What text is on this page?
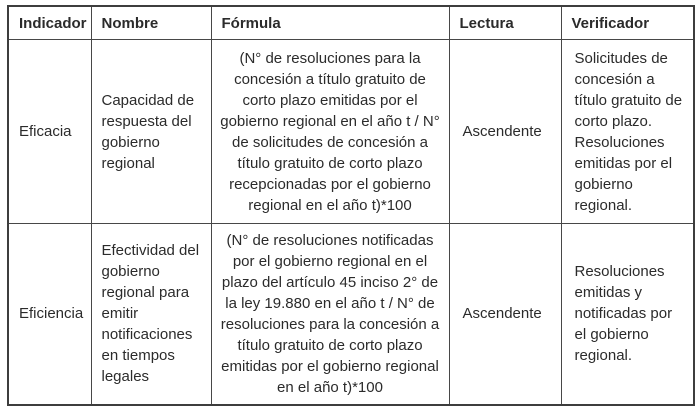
Indicador	Nombre	Fórmula	Lectura	Verificador
Eficacia	Capacidad de respuesta del gobierno regional	(N° de resoluciones para la concesión a título gratuito de corto plazo emitidas por el gobierno regional en el año t / N° de solicitudes de concesión a título gratuito de corto plazo recepcionadas por el gobierno regional en el año t)*100	Ascendente	Solicitudes de concesión a título gratuito de corto plazo. Resoluciones emitidas por el gobierno regional.
Eficiencia	Efectividad del gobierno regional para emitir notificaciones en tiempos legales	(N° de resoluciones notificadas por el gobierno regional en el plazo del artículo 45 inciso 2° de la ley 19.880 en el año t / N° de resoluciones para la concesión a título gratuito de corto plazo emitidas por el gobierno regional en el año t)*100	Ascendente	Resoluciones emitidas y notificadas por el gobierno regional.
